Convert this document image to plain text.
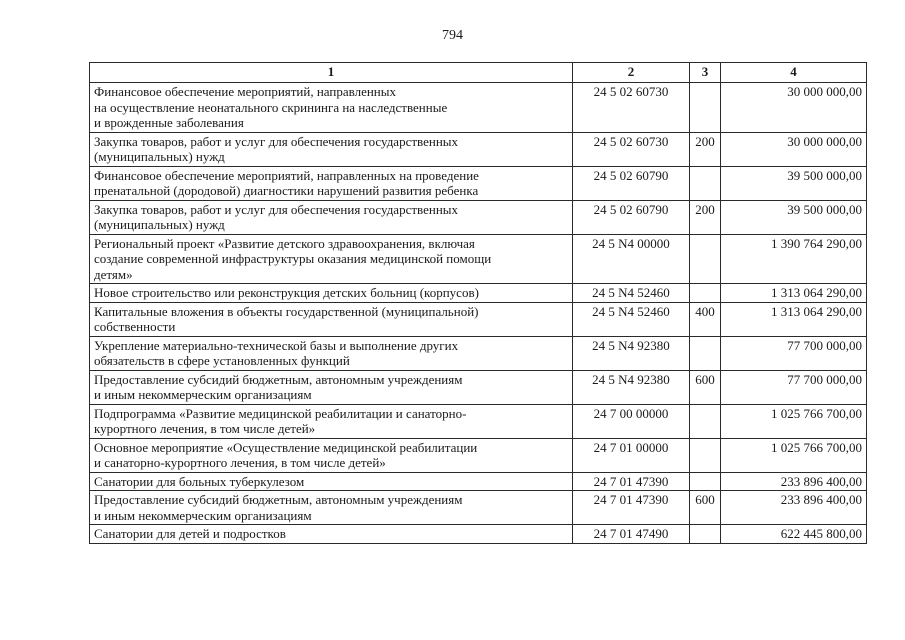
794
1	2	3	4
Финансовое обеспечение мероприятий, направленных
на осуществление неонатального скрининга на наследственные
и врожденные заболевания	24 5 02 60730		30 000 000,00
Закупка товаров, работ и услуг для обеспечения государственных
(муниципальных) нужд	24 5 02 60730	200	30 000 000,00
Финансовое обеспечение мероприятий, направленных на проведение
пренатальной (дородовой) диагностики нарушений развития ребенка	24 5 02 60790		39 500 000,00
Закупка товаров, работ и услуг для обеспечения государственных
(муниципальных) нужд	24 5 02 60790	200	39 500 000,00
Региональный проект «Развитие детского здравоохранения, включая
создание современной инфраструктуры оказания медицинской помощи
детям»	24 5 N4 00000		1 390 764 290,00
Новое строительство или реконструкция детских больниц (корпусов)	24 5 N4 52460		1 313 064 290,00
Капитальные вложения в объекты государственной (муниципальной)
собственности	24 5 N4 52460	400	1 313 064 290,00
Укрепление материально-технической базы и выполнение других
обязательств в сфере установленных функций	24 5 N4 92380		77 700 000,00
Предоставление субсидий бюджетным, автономным учреждениям
и иным некоммерческим организациям	24 5 N4 92380	600	77 700 000,00
Подпрограмма «Развитие медицинской реабилитации и санаторно-
курортного лечения, в том числе детей»	24 7 00 00000		1 025 766 700,00
Основное мероприятие «Осуществление медицинской реабилитации
и санаторно-курортного лечения, в том числе детей»	24 7 01 00000		1 025 766 700,00
Санатории для больных туберкулезом	24 7 01 47390		233 896 400,00
Предоставление субсидий бюджетным, автономным учреждениям
и иным некоммерческим организациям	24 7 01 47390	600	233 896 400,00
Санатории для детей и подростков	24 7 01 47490		622 445 800,00
